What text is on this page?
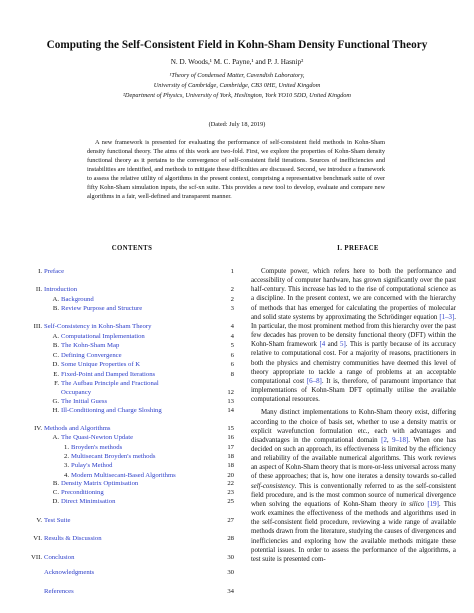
Computing the Self-Consistent Field in Kohn-Sham Density Functional Theory
N. D. Woods,¹ M. C. Payne,¹ and P. J. Hasnip²
¹Theory of Condensed Matter, Cavendish Laboratory,
University of Cambridge, Cambridge, CB3 0HE, United Kingdom
²Department of Physics, University of York, Heslington, York YO10 5DD, United Kingdom
(Dated: July 18, 2019)
A new framework is presented for evaluating the performance of self-consistent field methods in Kohn-Sham density functional theory. The aims of this work are two-fold. First, we explore the properties of Kohn-Sham density functional theory as it pertains to the convergence of self-consistent field iterations. Sources of inefficiencies and instabilities are identified, and methods to mitigate these difficulties are discussed. Second, we introduce a framework to assess the relative utility of algorithms in the present context, comprising a representative benchmark suite of over fifty Kohn-Sham simulation inputs, the scf-xn suite. This provides a new tool to develop, evaluate and compare new algorithms in a fair, well-defined and transparent manner.
CONTENTS
I. Preface	1
II. Introduction	2
A. Background	2
B. Review Purpose and Structure	3
III. Self-Consistency in Kohn-Sham Theory	4
A. Computational Implementation	4
B. The Kohn-Sham Map	5
C. Defining Convergence	6
D. Some Unique Properties of K	6
E. Fixed-Point and Damped Iterations	8
F. The Aufbau Principle and Fractional
Occupancy	12
G. The Initial Guess	13
H. Ill-Conditioning and Charge Sloshing	14
IV. Methods and Algorithms	15
A. The Quasi-Newton Update	16
1. Broyden's methods	17
2. Multisecant Broyden's methods	18
3. Pulay's Method	18
4. Modern Multisecant-Based Algorithms	20
B. Density Matrix Optimisation	22
C. Preconditioning	23
D. Direct Minimisation	25
V. Test Suite	27
VI. Results & Discussion	28
VII. Conclusion	30
Acknowledgments	30
References	34
I. PREFACE

Compute power, which refers here to both the performance and accessibility of computer hardware, has grown significantly over the past half-century. This increase has led to the rise of computational science as a discipline. In the present context, we are concerned with the hierarchy of methods that has emerged for calculating the properties of molecular and solid state systems by approximating the Schrödinger equation [1–3]. In particular, the most prominent method from this hierarchy over the past few decades has proven to be density functional theory (DFT) within the Kohn-Sham framework [4 and 5]. This is partly because of its accuracy relative to computational cost. For a majority of reasons, practitioners in both the physics and chemistry communities have deemed this level of theory appropriate to tackle a range of problems at an acceptable computational cost [6–8]. It is, therefore, of paramount importance that implementations of Kohn-Sham DFT optimally utilise the available computational resources.

Many distinct implementations to Kohn-Sham theory exist, differing according to the choice of basis set, whether to use a density matrix or explicit wavefunction formulation etc., each with advantages and disadvantages in the computational domain [2, 9–18]. When one has decided on such an approach, its effectiveness is limited by the efficiency and reliability of the available numerical algorithms. This work reviews an aspect of Kohn-Sham theory that is more-or-less universal across many of these approaches; that is, how one iterates a density towards so-called self-consistency. This is conventionally referred to as the self-consistent field procedure, and is the most common source of numerical divergence when solving the equations of Kohn-Sham theory in silico [19]. This work examines the effectiveness of the methods and algorithms used in the self-consistent field procedure, reviewing a wide range of available methods drawn from the literature, studying the causes of divergences and inefficiencies and exploring how the available methods mitigate these potential issues. In order to assess the performance of the algorithms, a test suite is presented com-
